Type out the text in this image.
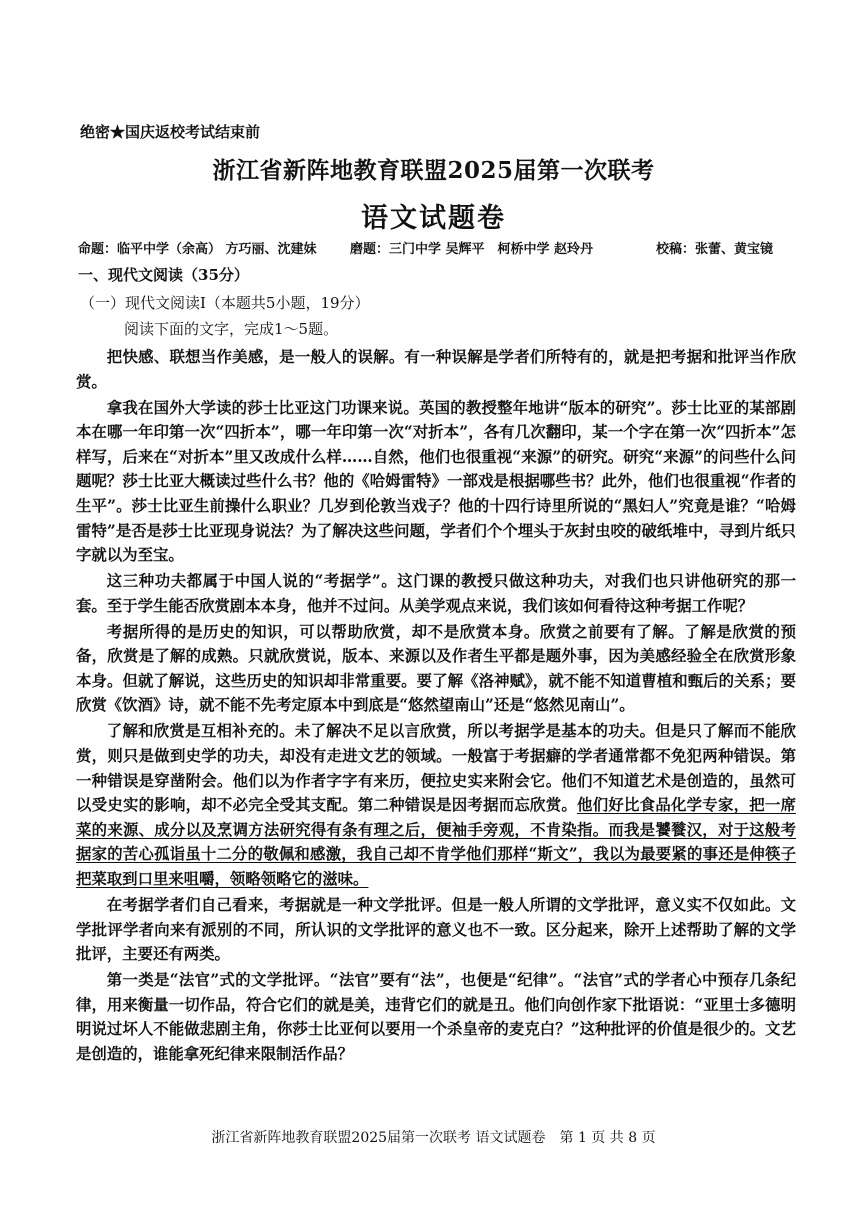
绝密★国庆返校考试结束前
浙江省新阵地教育联盟2025届第一次联考
语文试题卷
命题：临平中学（余高） 方巧丽、沈建妹	磨题：三门中学 吴辉平　柯桥中学 赵玲丹	校稿：张蕾、黄宝镜
一、现代文阅读（35分）
（一）现代文阅读Ⅰ（本题共5小题，19分）
阅读下面的文字，完成1～5题。

把快感、联想当作美感，是一般人的误解。有一种误解是学者们所特有的，就是把考据和批评当作欣赏。

拿我在国外大学读的莎士比亚这门功课来说。英国的教授整年地讲“版本的研究”。莎士比亚的某部剧本在哪一年印第一次“四折本”，哪一年印第一次“对折本”，各有几次翻印，某一个字在第一次“四折本”怎样写，后来在“对折本”里又改成什么样……自然，他们也很重视“来源”的研究。研究“来源”的问些什么问题呢？莎士比亚大概读过些什么书？他的《哈姆雷特》一部戏是根据哪些书？此外，他们也很重视“作者的生平”。莎士比亚生前操什么职业？几岁到伦敦当戏子？他的十四行诗里所说的“黑妇人”究竟是谁？“哈姆雷特”是否是莎士比亚现身说法？为了解决这些问题，学者们个个埋头于灰封虫咬的破纸堆中，寻到片纸只字就以为至宝。

这三种功夫都属于中国人说的“考据学”。这门课的教授只做这种功夫，对我们也只讲他研究的那一套。至于学生能否欣赏剧本本身，他并不过问。从美学观点来说，我们该如何看待这种考据工作呢？

考据所得的是历史的知识，可以帮助欣赏，却不是欣赏本身。欣赏之前要有了解。了解是欣赏的预备，欣赏是了解的成熟。只就欣赏说，版本、来源以及作者生平都是题外事，因为美感经验全在欣赏形象本身。但就了解说，这些历史的知识却非常重要。要了解《洛神赋》，就不能不知道曹植和甄后的关系；要欣赏《饮酒》诗，就不能不先考定原本中到底是“悠然望南山”还是“悠然见南山”。

了解和欣赏是互相补充的。未了解决不足以言欣赏，所以考据学是基本的功夫。但是只了解而不能欣赏，则只是做到史学的功夫，却没有走进文艺的领域。一般富于考据癖的学者通常都不免犯两种错误。第一种错误是穿凿附会。他们以为作者字字有来历，便拉史实来附会它。他们不知道艺术是创造的，虽然可以受史实的影响，却不必完全受其支配。第二种错误是因考据而忘欣赏。他们好比食品化学专家，把一席菜的来源、成分以及烹调方法研究得有条有理之后，便袖手旁观，不肯染指。而我是饕餮汉，对于这般考据家的苦心孤诣虽十二分的敬佩和感激，我自己却不肯学他们那样“斯文”，我以为最要紧的事还是伸筷子把菜取到口里来咀嚼，领略领略它的滋味。

在考据学者们自己看来，考据就是一种文学批评。但是一般人所谓的文学批评，意义实不仅如此。文学批评学者向来有派别的不同，所认识的文学批评的意义也不一致。区分起来，除开上述帮助了解的文学批评，主要还有两类。

第一类是“法官”式的文学批评。“法官”要有“法”，也便是“纪律”。“法官”式的学者心中预存几条纪律，用来衡量一切作品，符合它们的就是美，违背它们的就是丑。他们向创作家下批语说：“亚里士多德明明说过坏人不能做悲剧主角，你莎士比亚何以要用一个杀皇帝的麦克白？”这种批评的价值是很少的。文艺是创造的，谁能拿死纪律来限制活作品？

浙江省新阵地教育联盟2025届第一次联考 语文试题卷　第 1 页 共 8 页
